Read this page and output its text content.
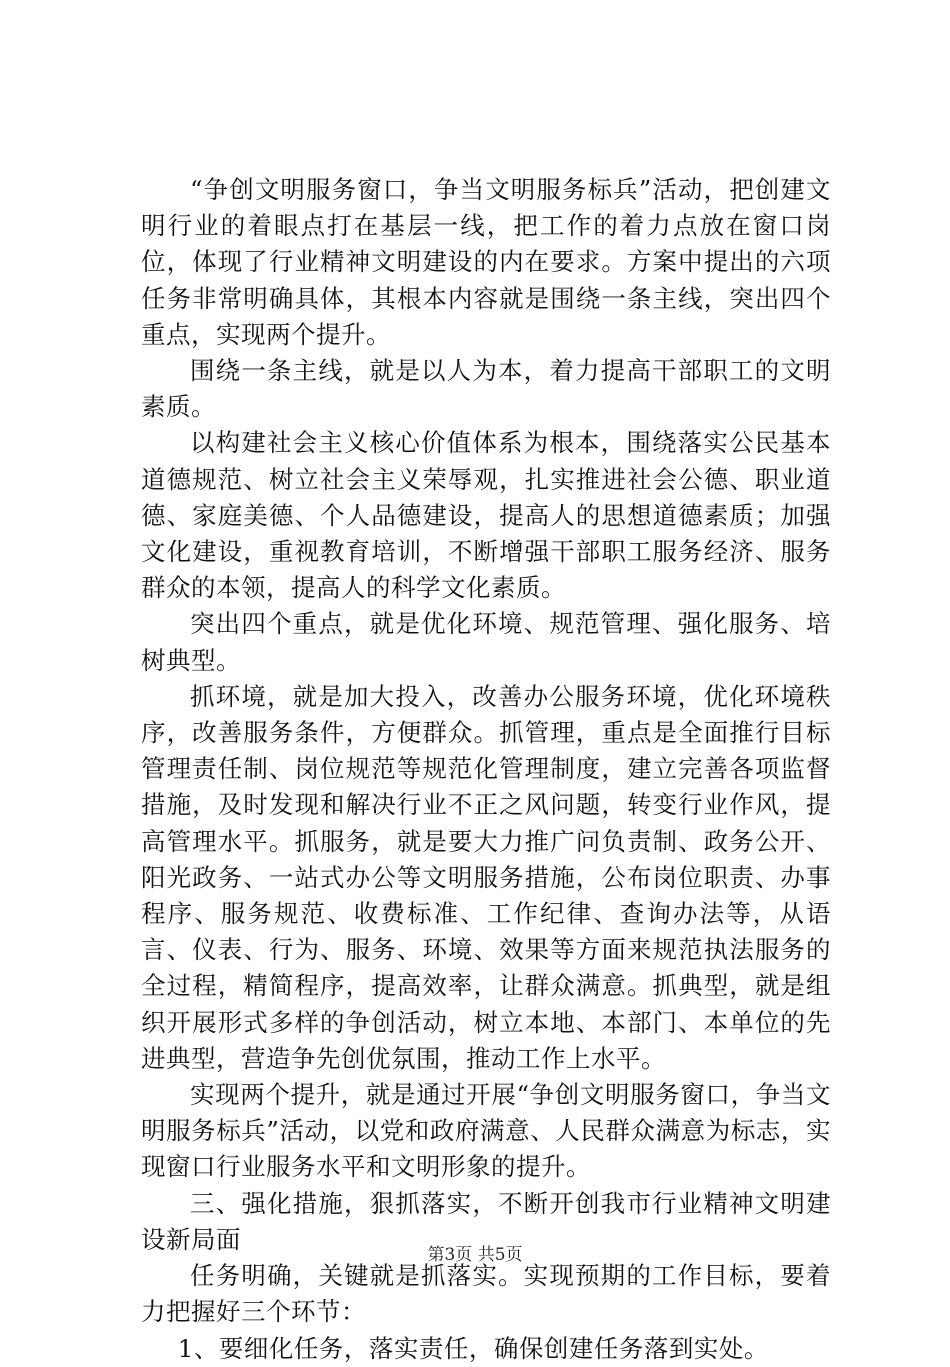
“争创文明服务窗口，争当文明服务标兵”活动，把创建文明行业的着眼点打在基层一线，把工作的着力点放在窗口岗位，体现了行业精神文明建设的内在要求。方案中提出的六项任务非常明确具体，其根本内容就是围绕一条主线，突出四个重点，实现两个提升。

围绕一条主线，就是以人为本，着力提高干部职工的文明素质。

以构建社会主义核心价值体系为根本，围绕落实公民基本道德规范、树立社会主义荣辱观，扎实推进社会公德、职业道德、家庭美德、个人品德建设，提高人的思想道德素质；加强文化建设，重视教育培训，不断增强干部职工服务经济、服务群众的本领，提高人的科学文化素质。

突出四个重点，就是优化环境、规范管理、强化服务、培树典型。

抓环境，就是加大投入，改善办公服务环境，优化环境秩序，改善服务条件，方便群众。抓管理，重点是全面推行目标管理责任制、岗位规范等规范化管理制度，建立完善各项监督措施，及时发现和解决行业不正之风问题，转变行业作风，提高管理水平。抓服务，就是要大力推广问负责制、政务公开、阳光政务、一站式办公等文明服务措施，公布岗位职责、办事程序、服务规范、收费标准、工作纪律、查询办法等，从语言、仪表、行为、服务、环境、效果等方面来规范执法服务的全过程，精简程序，提高效率，让群众满意。抓典型，就是组织开展形式多样的争创活动，树立本地、本部门、本单位的先进典型，营造争先创优氛围，推动工作上水平。

实现两个提升，就是通过开展“争创文明服务窗口，争当文明服务标兵”活动，以党和政府满意、人民群众满意为标志，实现窗口行业服务水平和文明形象的提升。

三、强化措施，狠抓落实，不断开创我市行业精神文明建设新局面

任务明确，关键就是抓落实。实现预期的工作目标，要着力把握好三个环节：

1、要细化任务，落实责任，确保创建任务落到实处。

第3页 共5页
